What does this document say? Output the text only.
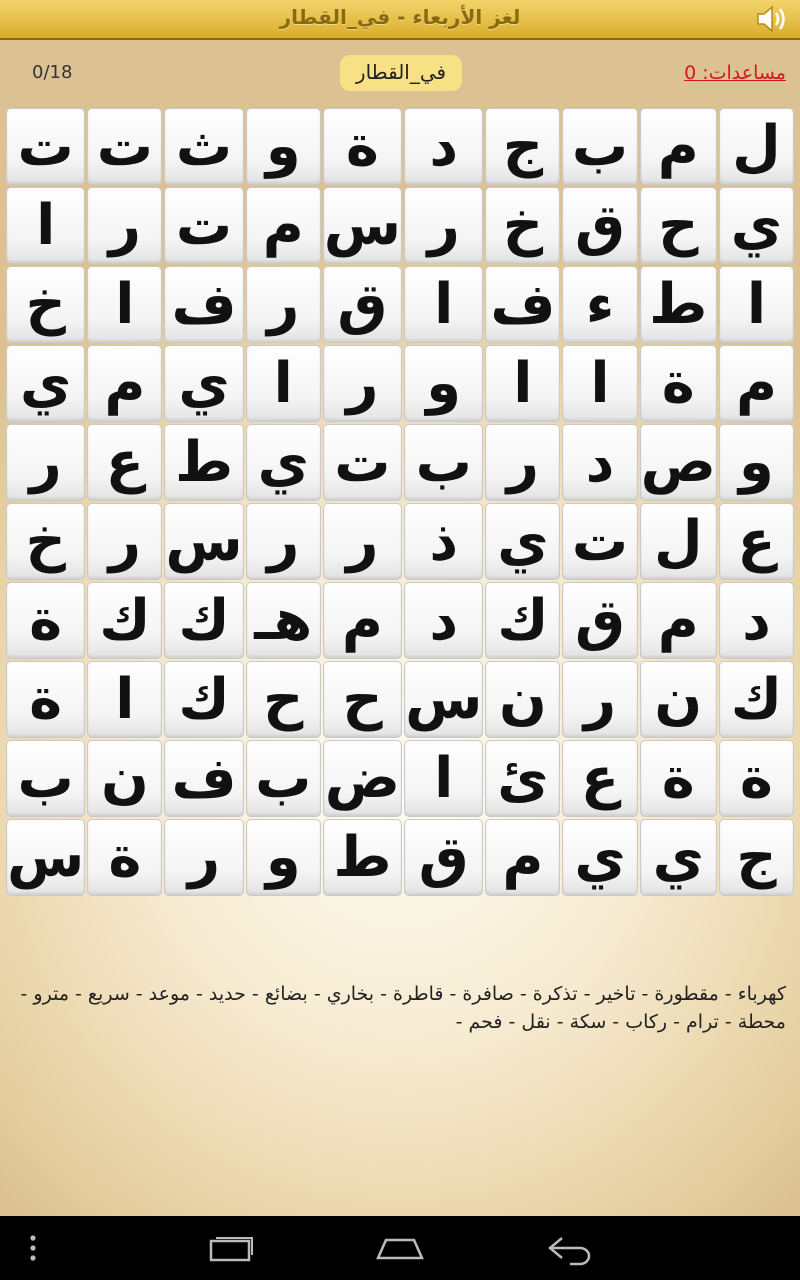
لغز الأربعاء - في_القطار
0/18	في_القطار	مساعدات: 0
ل
م
ب
ج
د
ة
و
ث
ت
ت
ي
ح
ق
خ
ر
س
م
ت
ر
ا
ا
ط
ء
ف
ا
ق
ر
ف
ا
خ
م
ة
ا
ا
و
ر
ا
ي
م
ي
و
ص
د
ر
ب
ت
ي
ط
ع
ر
ع
ل
ت
ي
ذ
ر
ر
س
ر
خ
د
م
ق
ك
د
م
هـ
ك
ك
ة
ك
ن
ر
ن
س
ح
ح
ك
ا
ة
ة
ة
ع
ئ
ا
ض
ب
ف
ن
ب
ج
ي
ي
م
ق
ط
و
ر
ة
س
كهرباء - مقطورة - تاخير - تذكرة - صافرة - قاطرة - بخاري - بضائع - حديد - موعد - سريع - مترو - محطة - ترام - ركاب - سكة - نقل - فحم -
